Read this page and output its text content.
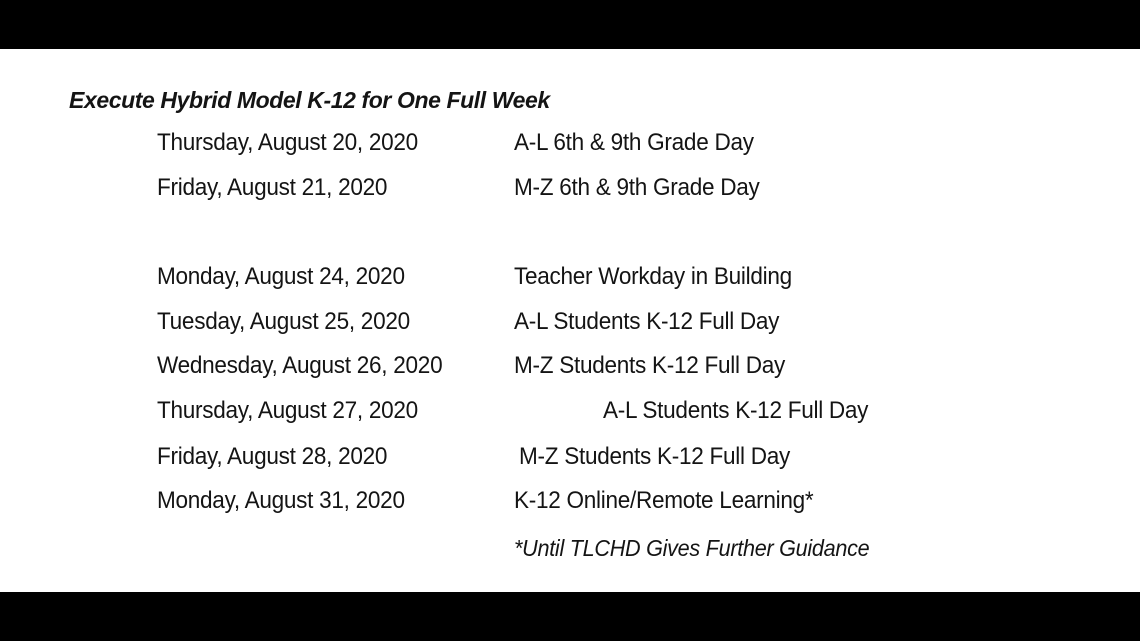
Execute Hybrid Model K-12 for One Full Week
Thursday, August 20, 2020	A-L 6th & 9th Grade Day
Friday, August 21, 2020	M-Z 6th & 9th Grade Day
Monday, August 24, 2020	Teacher Workday in Building
Tuesday, August 25, 2020	A-L Students K-12 Full Day
Wednesday, August 26, 2020	M-Z Students K-12 Full Day
Thursday, August 27, 2020	A-L Students K-12 Full Day
Friday, August 28, 2020	M-Z Students K-12 Full Day
Monday, August 31, 2020	K-12 Online/Remote Learning*
*Until TLCHD Gives Further Guidance
